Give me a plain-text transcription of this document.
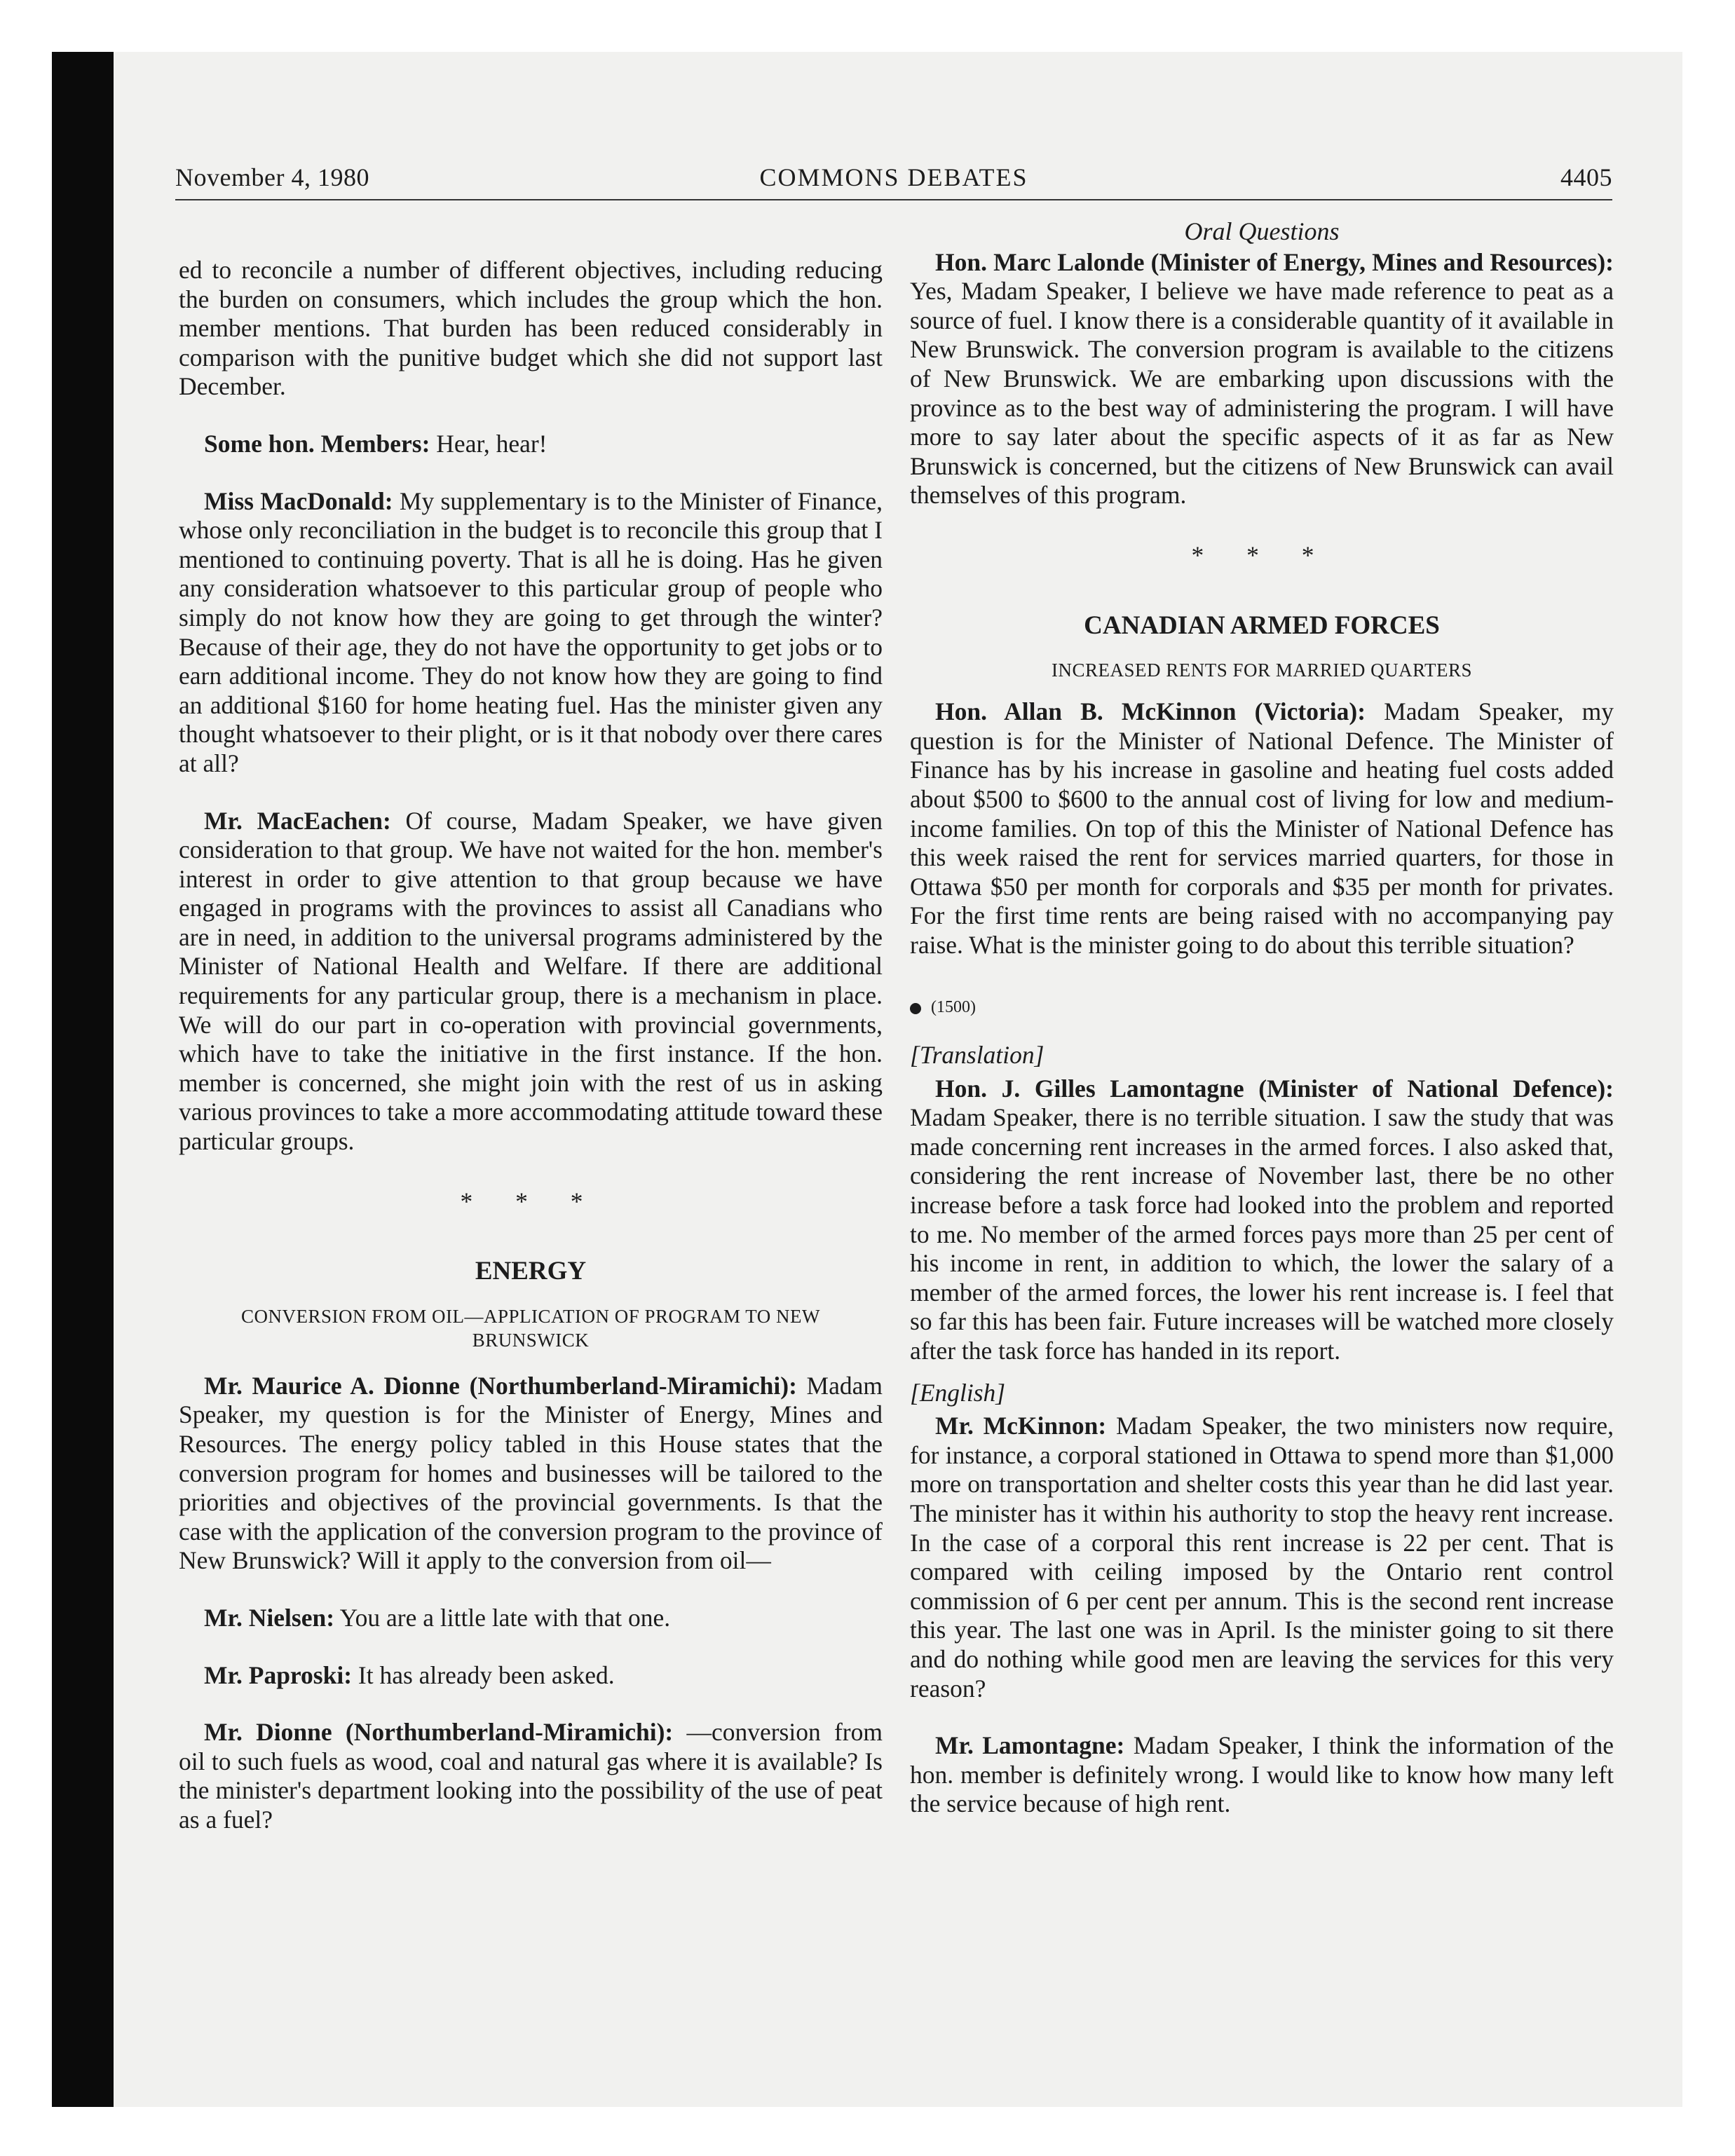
November 4, 1980	COMMONS DEBATES	4405

ed to reconcile a number of different objectives, including reducing the burden on consumers, which includes the group which the hon. member mentions. That burden has been reduced considerably in comparison with the punitive budget which she did not support last December.

Some hon. Members: Hear, hear!

Miss MacDonald: My supplementary is to the Minister of Finance, whose only reconciliation in the budget is to reconcile this group that I mentioned to continuing poverty. That is all he is doing. Has he given any consideration whatsoever to this particular group of people who simply do not know how they are going to get through the winter? Because of their age, they do not have the opportunity to get jobs or to earn additional income. They do not know how they are going to find an additional $160 for home heating fuel. Has the minister given any thought whatsoever to their plight, or is it that nobody over there cares at all?

Mr. MacEachen: Of course, Madam Speaker, we have given consideration to that group. We have not waited for the hon. member's interest in order to give attention to that group because we have engaged in programs with the provinces to assist all Canadians who are in need, in addition to the universal programs administered by the Minister of National Health and Welfare. If there are additional requirements for any particular group, there is a mechanism in place. We will do our part in co-operation with provincial governments, which have to take the initiative in the first instance. If the hon. member is concerned, she might join with the rest of us in asking various provinces to take a more accommodating attitude toward these particular groups.

* * *
ENERGY
CONVERSION FROM OIL—APPLICATION OF PROGRAM TO NEW BRUNSWICK

Mr. Maurice A. Dionne (Northumberland-Miramichi): Madam Speaker, my question is for the Minister of Energy, Mines and Resources. The energy policy tabled in this House states that the conversion program for homes and businesses will be tailored to the priorities and objectives of the provincial governments. Is that the case with the application of the conversion program to the province of New Brunswick? Will it apply to the conversion from oil—

Mr. Nielsen: You are a little late with that one.

Mr. Paproski: It has already been asked.

Mr. Dionne (Northumberland-Miramichi): —conversion from oil to such fuels as wood, coal and natural gas where it is available? Is the minister's department looking into the possibility of the use of peat as a fuel?

Oral Questions

Hon. Marc Lalonde (Minister of Energy, Mines and Resources): Yes, Madam Speaker, I believe we have made reference to peat as a source of fuel. I know there is a considerable quantity of it available in New Brunswick. The conversion program is available to the citizens of New Brunswick. We are embarking upon discussions with the province as to the best way of administering the program. I will have more to say later about the specific aspects of it as far as New Brunswick is concerned, but the citizens of New Brunswick can avail themselves of this program.

* * *
CANADIAN ARMED FORCES
INCREASED RENTS FOR MARRIED QUARTERS

Hon. Allan B. McKinnon (Victoria): Madam Speaker, my question is for the Minister of National Defence. The Minister of Finance has by his increase in gasoline and heating fuel costs added about $500 to $600 to the annual cost of living for low and medium-income families. On top of this the Minister of National Defence has this week raised the rent for services married quarters, for those in Ottawa $50 per month for corporals and $35 per month for privates. For the first time rents are being raised with no accompanying pay raise. What is the minister going to do about this terrible situation?

(1500)
[Translation]

Hon. J. Gilles Lamontagne (Minister of National Defence): Madam Speaker, there is no terrible situation. I saw the study that was made concerning rent increases in the armed forces. I also asked that, considering the rent increase of November last, there be no other increase before a task force had looked into the problem and reported to me. No member of the armed forces pays more than 25 per cent of his income in rent, in addition to which, the lower the salary of a member of the armed forces, the lower his rent increase is. I feel that so far this has been fair. Future increases will be watched more closely after the task force has handed in its report.

[English]

Mr. McKinnon: Madam Speaker, the two ministers now require, for instance, a corporal stationed in Ottawa to spend more than $1,000 more on transportation and shelter costs this year than he did last year. The minister has it within his authority to stop the heavy rent increase. In the case of a corporal this rent increase is 22 per cent. That is compared with ceiling imposed by the Ontario rent control commission of 6 per cent per annum. This is the second rent increase this year. The last one was in April. Is the minister going to sit there and do nothing while good men are leaving the services for this very reason?

Mr. Lamontagne: Madam Speaker, I think the information of the hon. member is definitely wrong. I would like to know how many left the service because of high rent.
